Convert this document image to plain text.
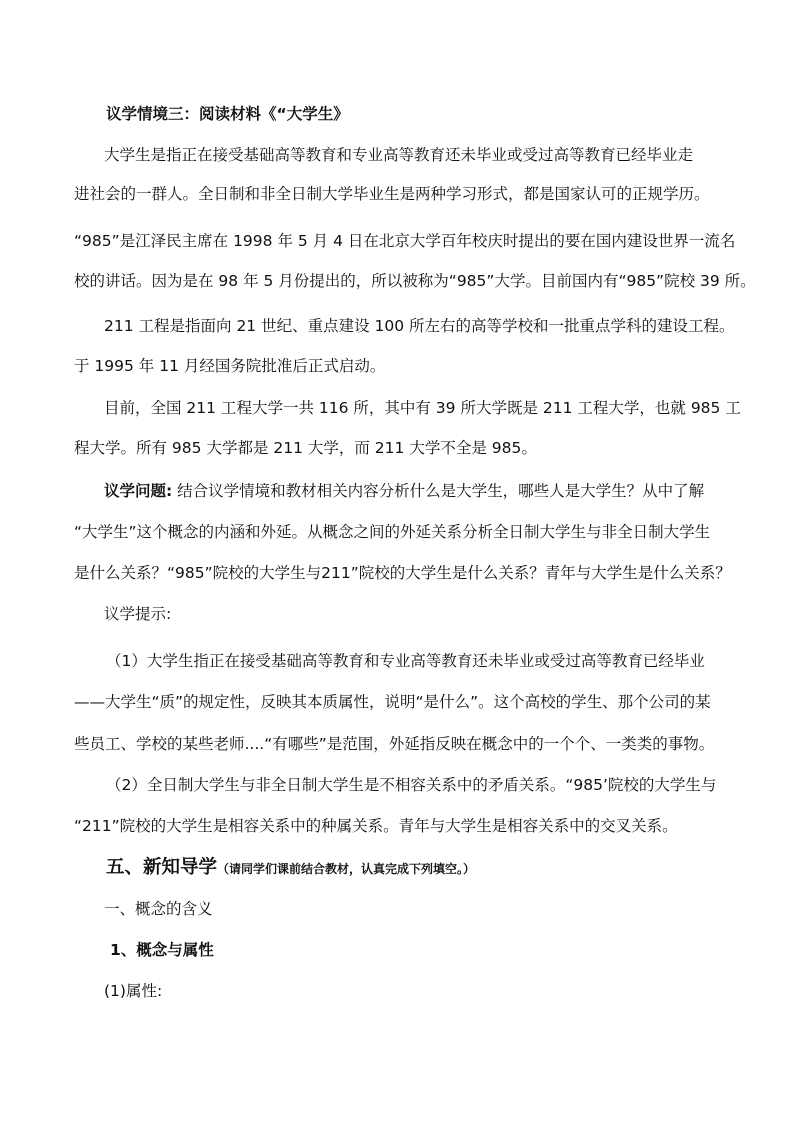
议学情境三：阅读材料《“大学生》
大学生是指正在接受基础高等教育和专业高等教育还未毕业或受过高等教育已经毕业走
进社会的一群人。全日制和非全日制大学毕业生是两种学习形式，都是国家认可的正规学历。
“985”是江泽民主席在 1998 年 5 月 4 日在北京大学百年校庆时提出的要在国内建设世界一流名
校的讲话。因为是在 98 年 5 月份提出的，所以被称为“985”大学。目前国内有“985”院校 39 所。
211 工程是指面向 21 世纪、重点建设 100 所左右的高等学校和一批重点学科的建设工程。
于 1995 年 11 月经国务院批准后正式启动。
目前，全国 211 工程大学一共 116 所，其中有 39 所大学既是 211 工程大学，也就 985 工
程大学。所有 985 大学都是 211 大学，而 211 大学不全是 985。
议学问题: 结合议学情境和教材相关内容分析什么是大学生，哪些人是大学生？从中了解
“大学生”这个概念的内涵和外延。从概念之间的外延关系分析全日制大学生与非全日制大学生
是什么关系？“985”院校的大学生与211”院校的大学生是什么关系？青年与大学生是什么关系？
议学提示:
（1）大学生指正在接受基础高等教育和专业高等教育还未毕业或受过高等教育已经毕业
——大学生“质”的规定性，反映其本质属性，说明“是什么”。这个高校的学生、那个公司的某
些员工、学校的某些老师....“有哪些”是范围，外延指反映在概念中的一个个、一类类的事物。
（2）全日制大学生与非全日制大学生是不相容关系中的矛盾关系。“985’院校的大学生与
“211”院校的大学生是相容关系中的种属关系。青年与大学生是相容关系中的交叉关系。
五、新知导学（请同学们课前结合教材，认真完成下列填空。）
一、概念的含义
1、概念与属性
(1)属性:
